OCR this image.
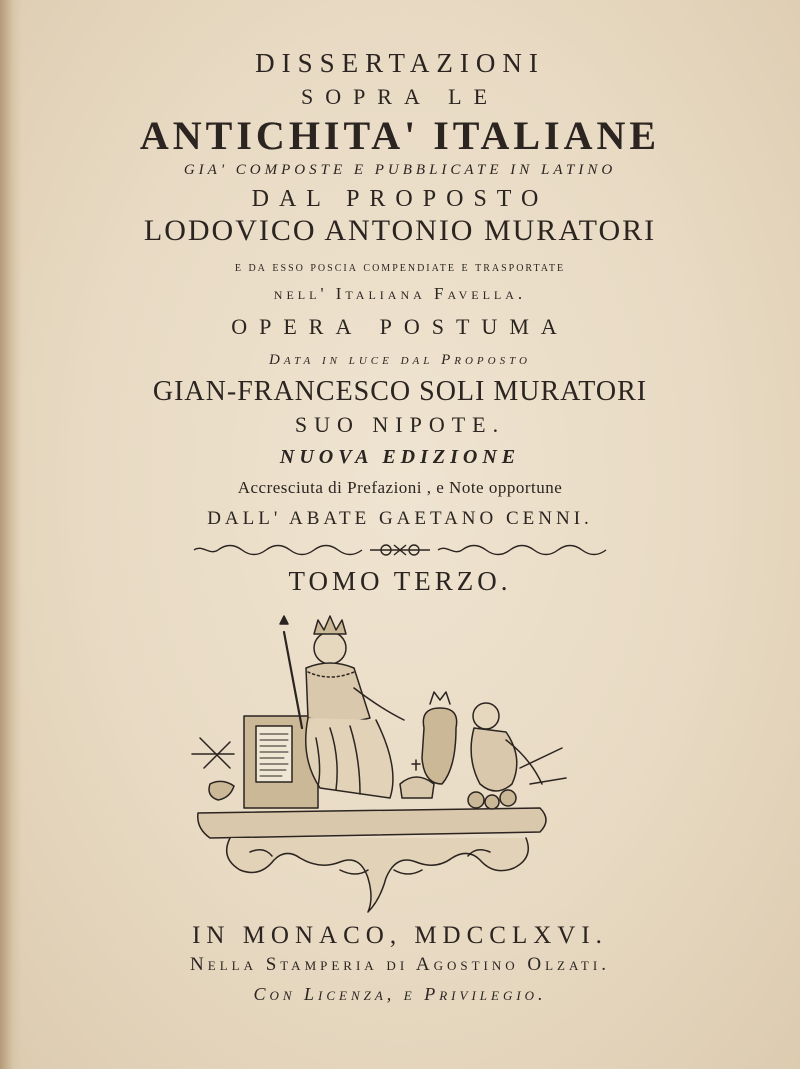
DISSERTAZIONI

SOPRA LE

ANTICHITA' ITALIANE

GIA' COMPOSTE E PUBBLICATE IN LATINO

DAL PROPOSTO

LODOVICO ANTONIO MURATORI

e da esso poscia compendiate e trasportate

nell' Italiana Favella.

OPERA POSTUMA

Data in luce dal Proposto

GIAN-FRANCESCO SOLI MURATORI

SUO NIPOTE.

NUOVA EDIZIONE

Accresciuta di Prefazioni , e Note opportune

DALL' ABATE GAETANO CENNI.

TOMO TERZO.

IN MONACO, MDCCLXVI.

Nella Stamperia di Agostino Olzati.

Con Licenza, e Privilegio.
